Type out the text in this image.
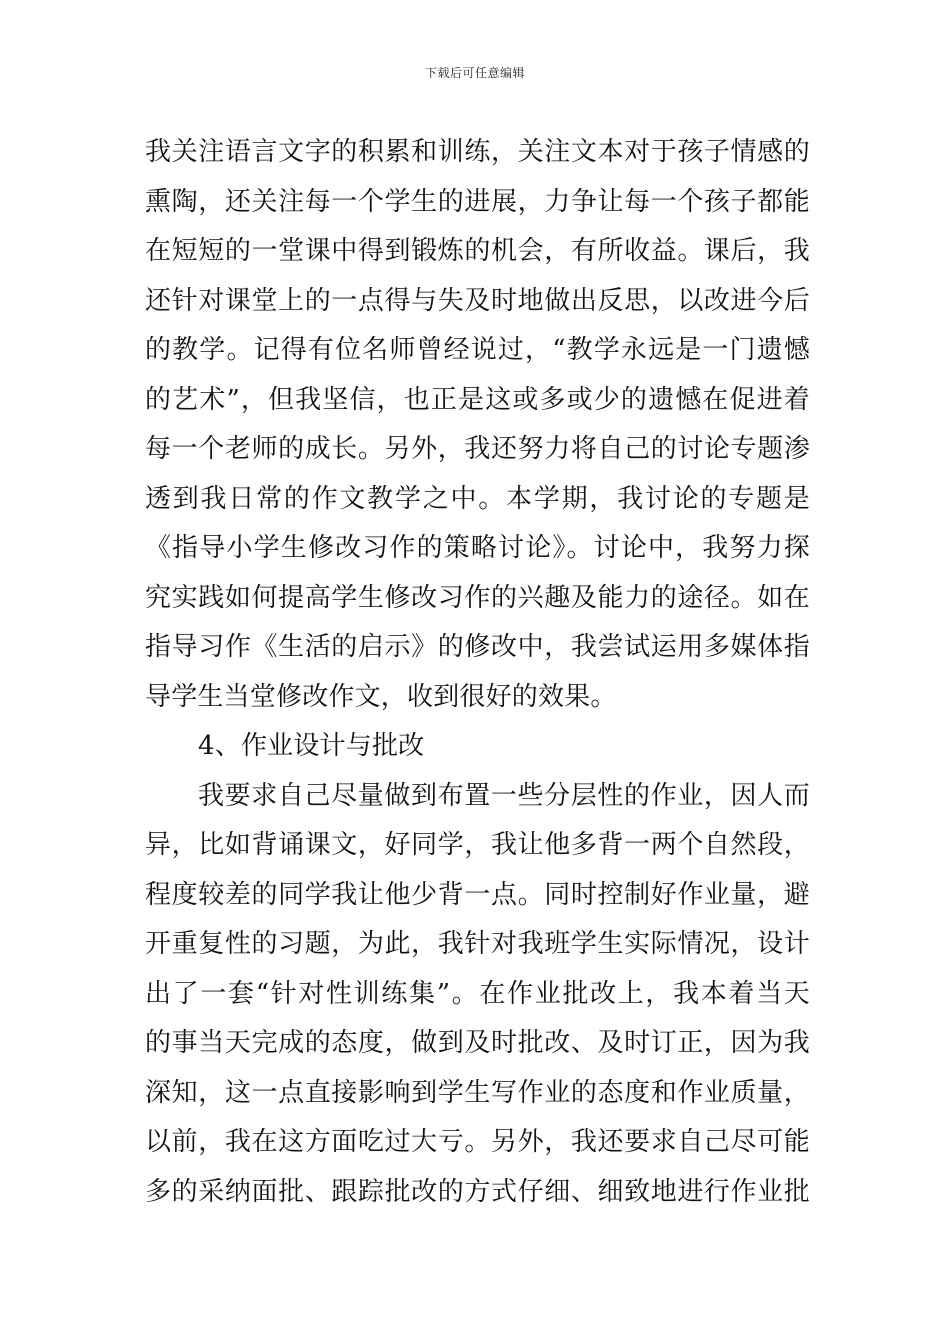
下载后可任意编辑
我关注语言文字的积累和训练，关注文本对于孩子情感的
熏陶，还关注每一个学生的进展，力争让每一个孩子都能
在短短的一堂课中得到锻炼的机会，有所收益。课后，我
还针对课堂上的一点得与失及时地做出反思，以改进今后
的教学。记得有位名师曾经说过，“教学永远是一门遗憾
的艺术”，但我坚信，也正是这或多或少的遗憾在促进着
每一个老师的成长。另外，我还努力将自己的讨论专题渗
透到我日常的作文教学之中。本学期，我讨论的专题是
《指导小学生修改习作的策略讨论》。讨论中，我努力探
究实践如何提高学生修改习作的兴趣及能力的途径。如在
指导习作《生活的启示》的修改中，我尝试运用多媒体指
导学生当堂修改作文，收到很好的效果。
4、作业设计与批改
我要求自己尽量做到布置一些分层性的作业，因人而
异，比如背诵课文，好同学，我让他多背一两个自然段，
程度较差的同学我让他少背一点。同时控制好作业量，避
开重复性的习题，为此，我针对我班学生实际情况，设计
出了一套“针对性训练集”。在作业批改上，我本着当天
的事当天完成的态度，做到及时批改、及时订正，因为我
深知，这一点直接影响到学生写作业的态度和作业质量，
以前，我在这方面吃过大亏。另外，我还要求自己尽可能
多的采纳面批、跟踪批改的方式仔细、细致地进行作业批
